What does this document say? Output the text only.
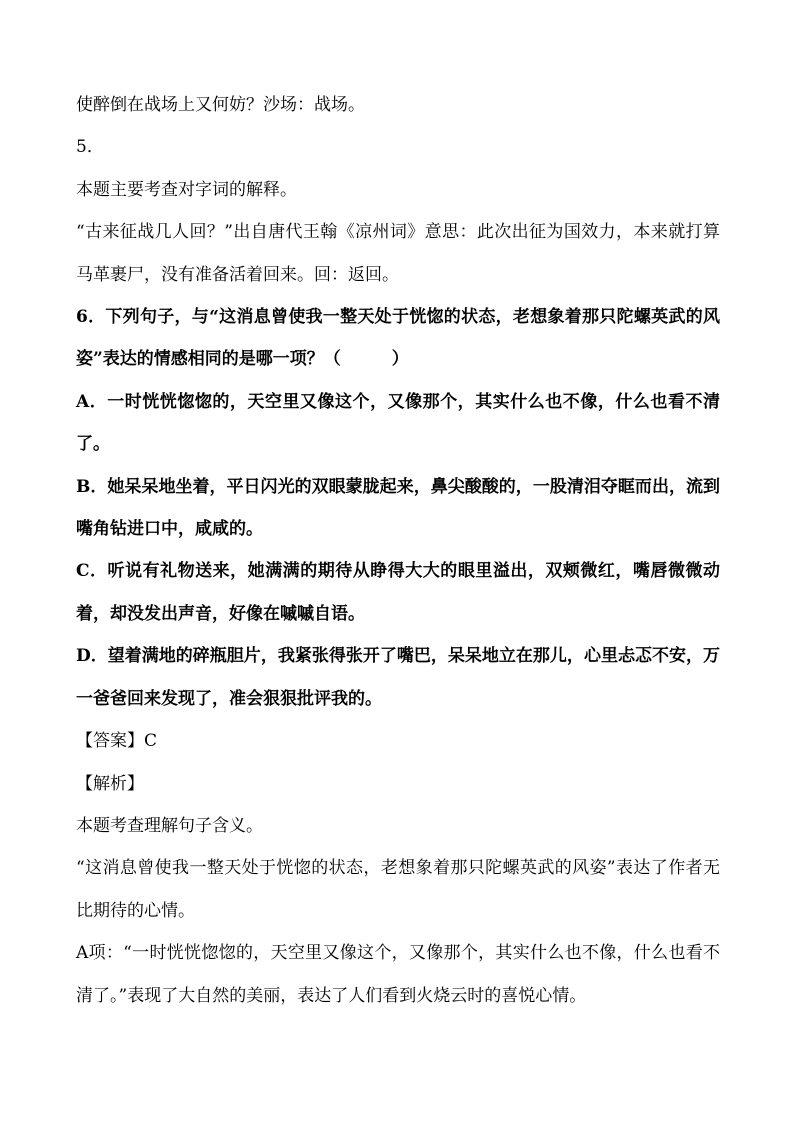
使醉倒在战场上又何妨？沙场：战场。

5．

本题主要考查对字词的解释。

“古来征战几人回？”出自唐代王翰《凉州词》意思：此次出征为国效力，本来就打算马革裹尸，没有准备活着回来。回：返回。

6．下列句子，与“这消息曾使我一整天处于恍惚的状态，老想象着那只陀螺英武的风姿”表达的情感相同的是哪一项？（　　　）

A．一时恍恍惚惚的，天空里又像这个，又像那个，其实什么也不像，什么也看不清了。

B．她呆呆地坐着，平日闪光的双眼蒙胧起来，鼻尖酸酸的，一股清泪夺眶而出，流到嘴角钻进口中，咸咸的。

C．听说有礼物送来，她满满的期待从睁得大大的眼里溢出，双颊微红，嘴唇微微动着，却没发出声音，好像在嘁嘁自语。

D．望着满地的碎瓶胆片，我紧张得张开了嘴巴，呆呆地立在那儿，心里忐忑不安，万一爸爸回来发现了，准会狠狠批评我的。

【答案】C

【解析】

本题考查理解句子含义。

“这消息曾使我一整天处于恍惚的状态，老想象着那只陀螺英武的风姿”表达了作者无比期待的心情。

A项：“一时恍恍惚惚的，天空里又像这个，又像那个，其实什么也不像，什么也看不清了。”表现了大自然的美丽，表达了人们看到火烧云时的喜悦心情。
